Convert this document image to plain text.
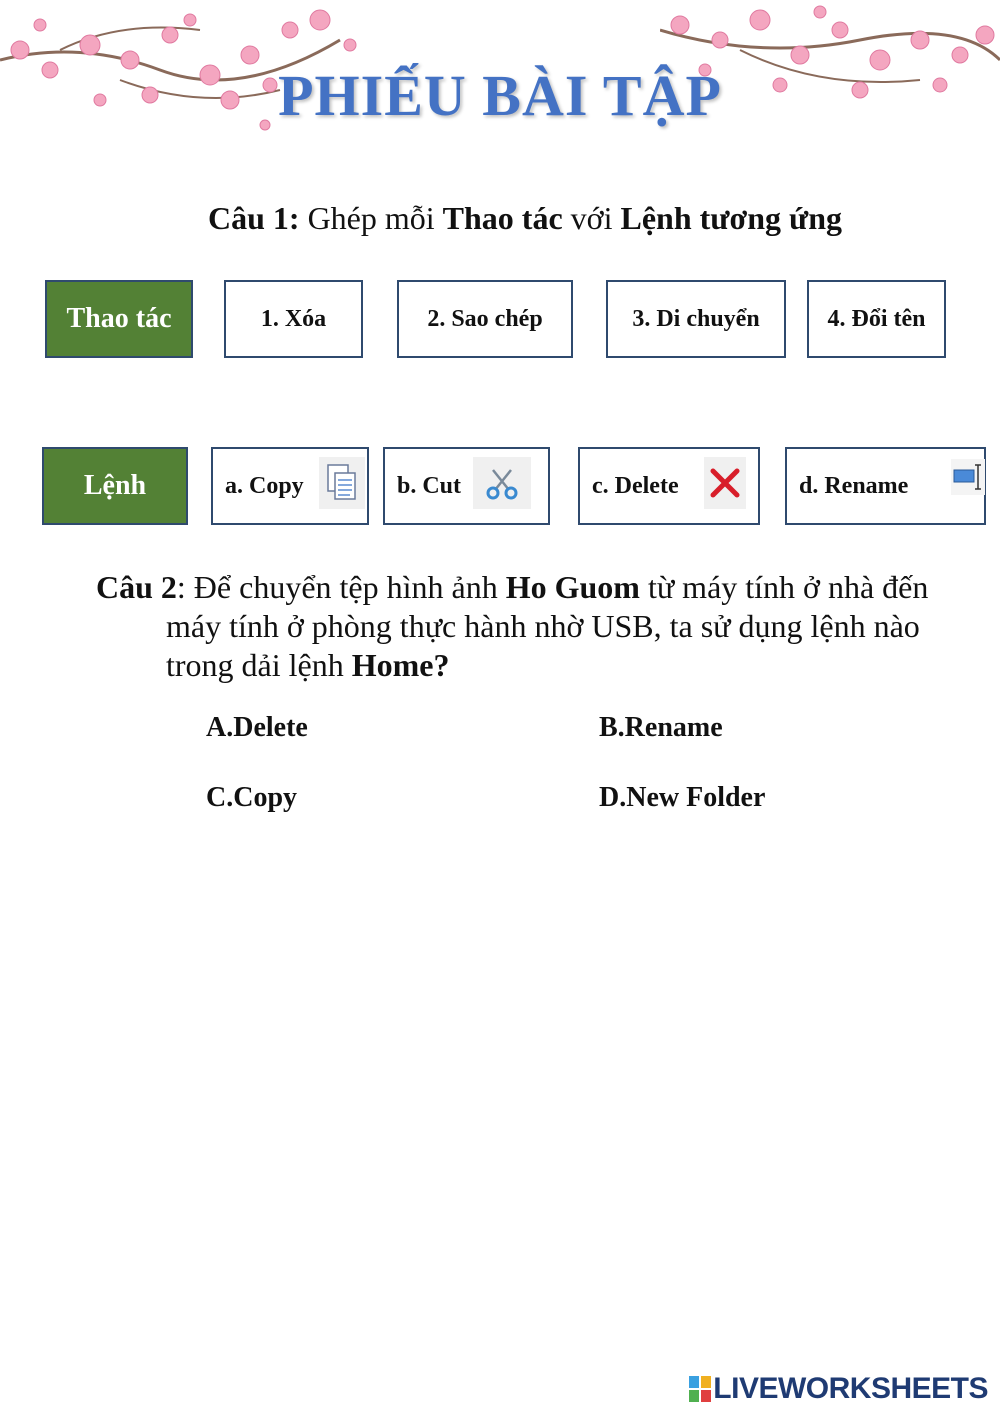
PHIẾU BÀI TẬP
Câu 1: Ghép mỗi Thao tác với Lệnh tương ứng
Thao tác	1. Xóa	2. Sao chép	3. Di chuyển	4. Đổi tên
Lệnh	a. Copy	b. Cut	c. Delete	d. Rename
Câu 2: Để chuyển tệp hình ảnh Ho Guom từ máy tính ở nhà đến
máy tính ở phòng thực hành nhờ USB, ta sử dụng lệnh nào
trong dải lệnh Home?
A.Delete	B.Rename
C.Copy	D.New Folder
LIVEWORKSHEETS
